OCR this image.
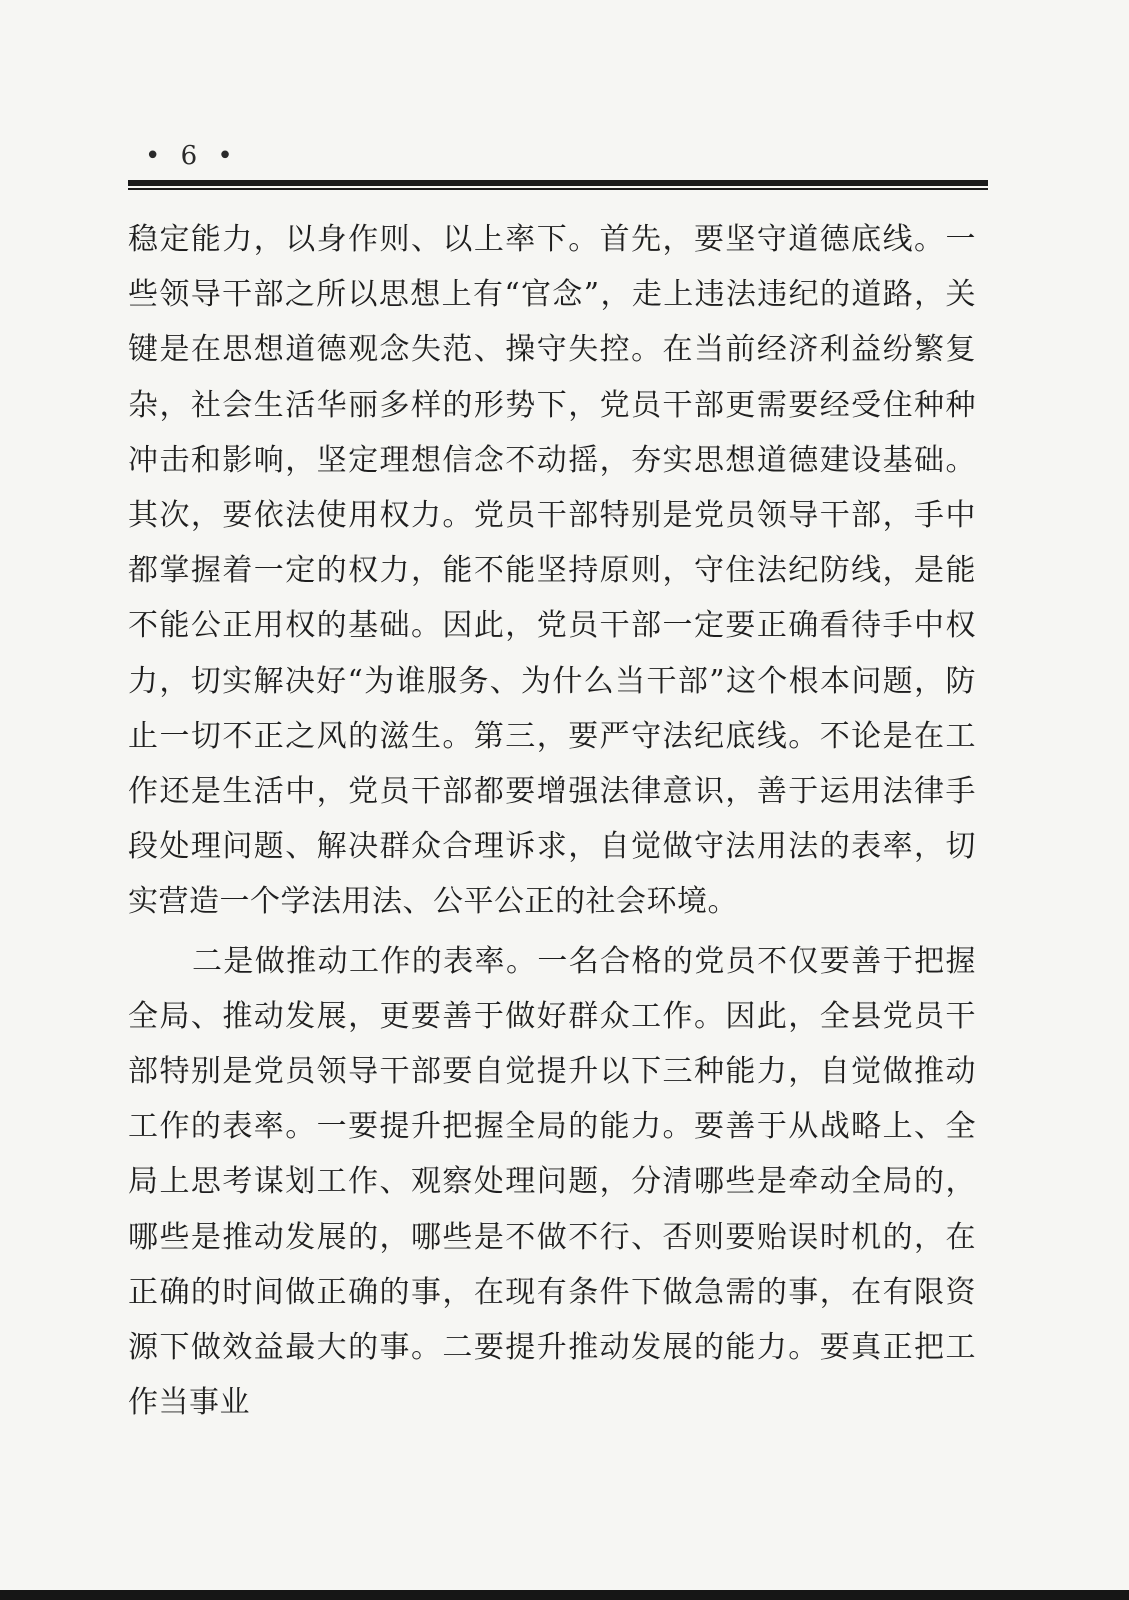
• 6 •

稳定能力，以身作则、以上率下。首先，要坚守道德底线。一些领导干部之所以思想上有“官念”，走上违法违纪的道路，关键是在思想道德观念失范、操守失控。在当前经济利益纷繁复杂，社会生活华丽多样的形势下，党员干部更需要经受住种种冲击和影响，坚定理想信念不动摇，夯实思想道德建设基础。其次，要依法使用权力。党员干部特别是党员领导干部，手中都掌握着一定的权力，能不能坚持原则，守住法纪防线，是能不能公正用权的基础。因此，党员干部一定要正确看待手中权力，切实解决好“为谁服务、为什么当干部”这个根本问题，防止一切不正之风的滋生。第三，要严守法纪底线。不论是在工作还是生活中，党员干部都要增强法律意识，善于运用法律手段处理问题、解决群众合理诉求，自觉做守法用法的表率，切实营造一个学法用法、公平公正的社会环境。

二是做推动工作的表率。一名合格的党员不仅要善于把握全局、推动发展，更要善于做好群众工作。因此，全县党员干部特别是党员领导干部要自觉提升以下三种能力，自觉做推动工作的表率。一要提升把握全局的能力。要善于从战略上、全局上思考谋划工作、观察处理问题，分清哪些是牵动全局的，哪些是推动发展的，哪些是不做不行、否则要贻误时机的，在正确的时间做正确的事，在现有条件下做急需的事，在有限资源下做效益最大的事。二要提升推动发展的能力。要真正把工作当事业
